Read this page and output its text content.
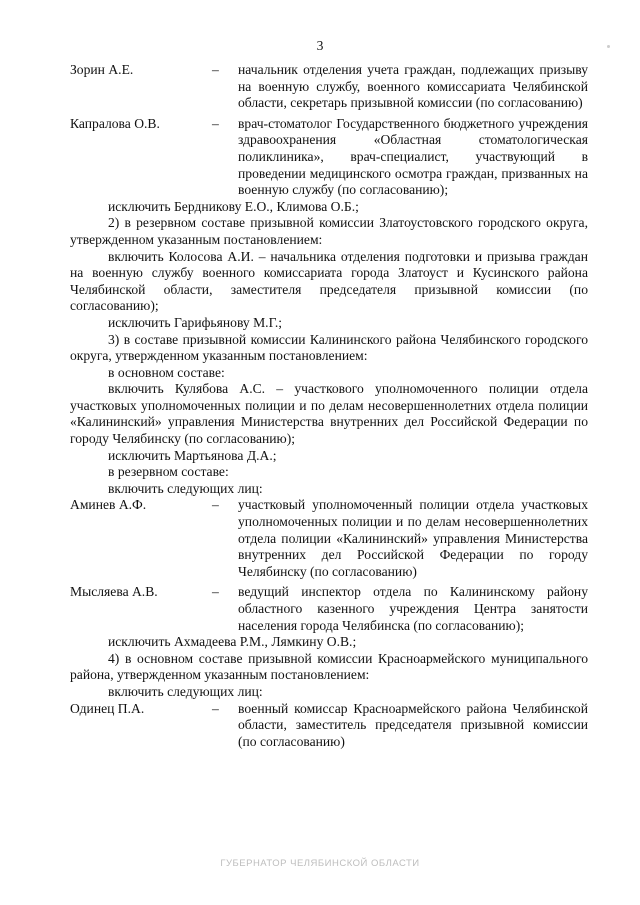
3
Зорин А.Е.	–	начальник отделения учета граждан, подлежащих призыву на военную службу, военного комиссариата Челябинской области, секретарь призывной комиссии (по согласованию)
Капралова О.В.	–	врач-стоматолог Государственного бюджетного учреждения здравоохранения «Областная стоматологическая поликлиника», врач-специалист, участвующий в проведении медицинского осмотра граждан, призванных на военную службу (по согласованию);
исключить Бердникову Е.О., Климова О.Б.;
2) в резервном составе призывной комиссии Златоустовского городского округа, утвержденном указанным постановлением:
включить Колосова А.И. – начальника отделения подготовки и призыва граждан на военную службу военного комиссариата города Златоуст и Кусинского района Челябинской области, заместителя председателя призывной комиссии (по согласованию);
исключить Гарифьянову М.Г.;
3) в составе призывной комиссии Калининского района Челябинского городского округа, утвержденном указанным постановлением:
в основном составе:
включить Кулябова А.С. – участкового уполномоченного полиции отдела участковых уполномоченных полиции и по делам несовершеннолетних отдела полиции «Калининский» управления Министерства внутренних дел Российской Федерации по городу Челябинску (по согласованию);
исключить Мартьянова Д.А.;
в резервном составе:
включить следующих лиц:
Аминев А.Ф.	–	участковый уполномоченный полиции отдела участковых уполномоченных полиции и по делам несовершеннолетних отдела полиции «Калининский» управления Министерства внутренних дел Российской Федерации по городу Челябинску (по согласованию)
Мысляева А.В.	–	ведущий инспектор отдела по Калининскому району областного казенного учреждения Центра занятости населения города Челябинска (по согласованию);
исключить Ахмадеева Р.М., Лямкину О.В.;
4) в основном составе призывной комиссии Красноармейского муниципального района, утвержденном указанным постановлением:
включить следующих лиц:
Одинец П.А.	–	военный комиссар Красноармейского района Челябинской области, заместитель председателя призывной комиссии (по согласованию)
ГУБЕРНАТОР ЧЕЛЯБИНСКОЙ ОБЛАСТИ
